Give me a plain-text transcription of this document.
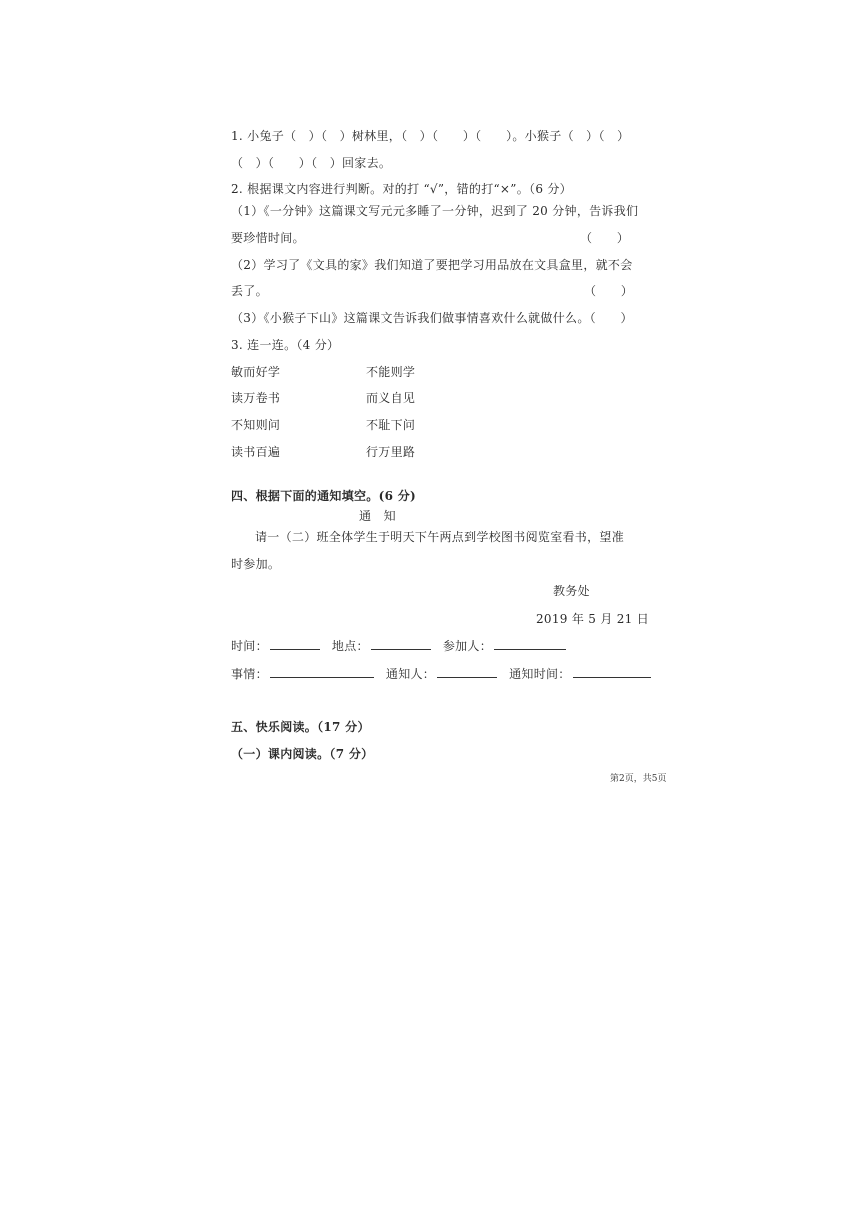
1. 小兔子（　）（　）树林里，（　）（　　）（　　）。小猴子（　）（　）
（　）（　　）（　）回家去。
2. 根据课文内容进行判断。对的打 “√”，错的打“×”。（6 分）
（1）《一分钟》这篇课文写元元多睡了一分钟，迟到了 20 分钟，告诉我们
要珍惜时间。	（　　）
（2）学习了《文具的家》我们知道了要把学习用品放在文具盒里，就不会
丢了。	（　　）
（3）《小猴子下山》这篇课文告诉我们做事情喜欢什么就做什么。（　　）
3. 连一连。（4 分）
敏而好学	不能则学
读万卷书	而义自见
不知则问	不耻下问
读书百遍	行万里路
四、根据下面的通知填空。(6 分)
通　知
请一（二）班全体学生于明天下午两点到学校图书阅览室看书，望准
时参加。
教务处
2019 年 5 月 21 日
时间：	地点：	参加人：
事情：	通知人：	通知时间：
五、快乐阅读。（17 分）
（一）课内阅读。（7 分）
第2页，共5页
